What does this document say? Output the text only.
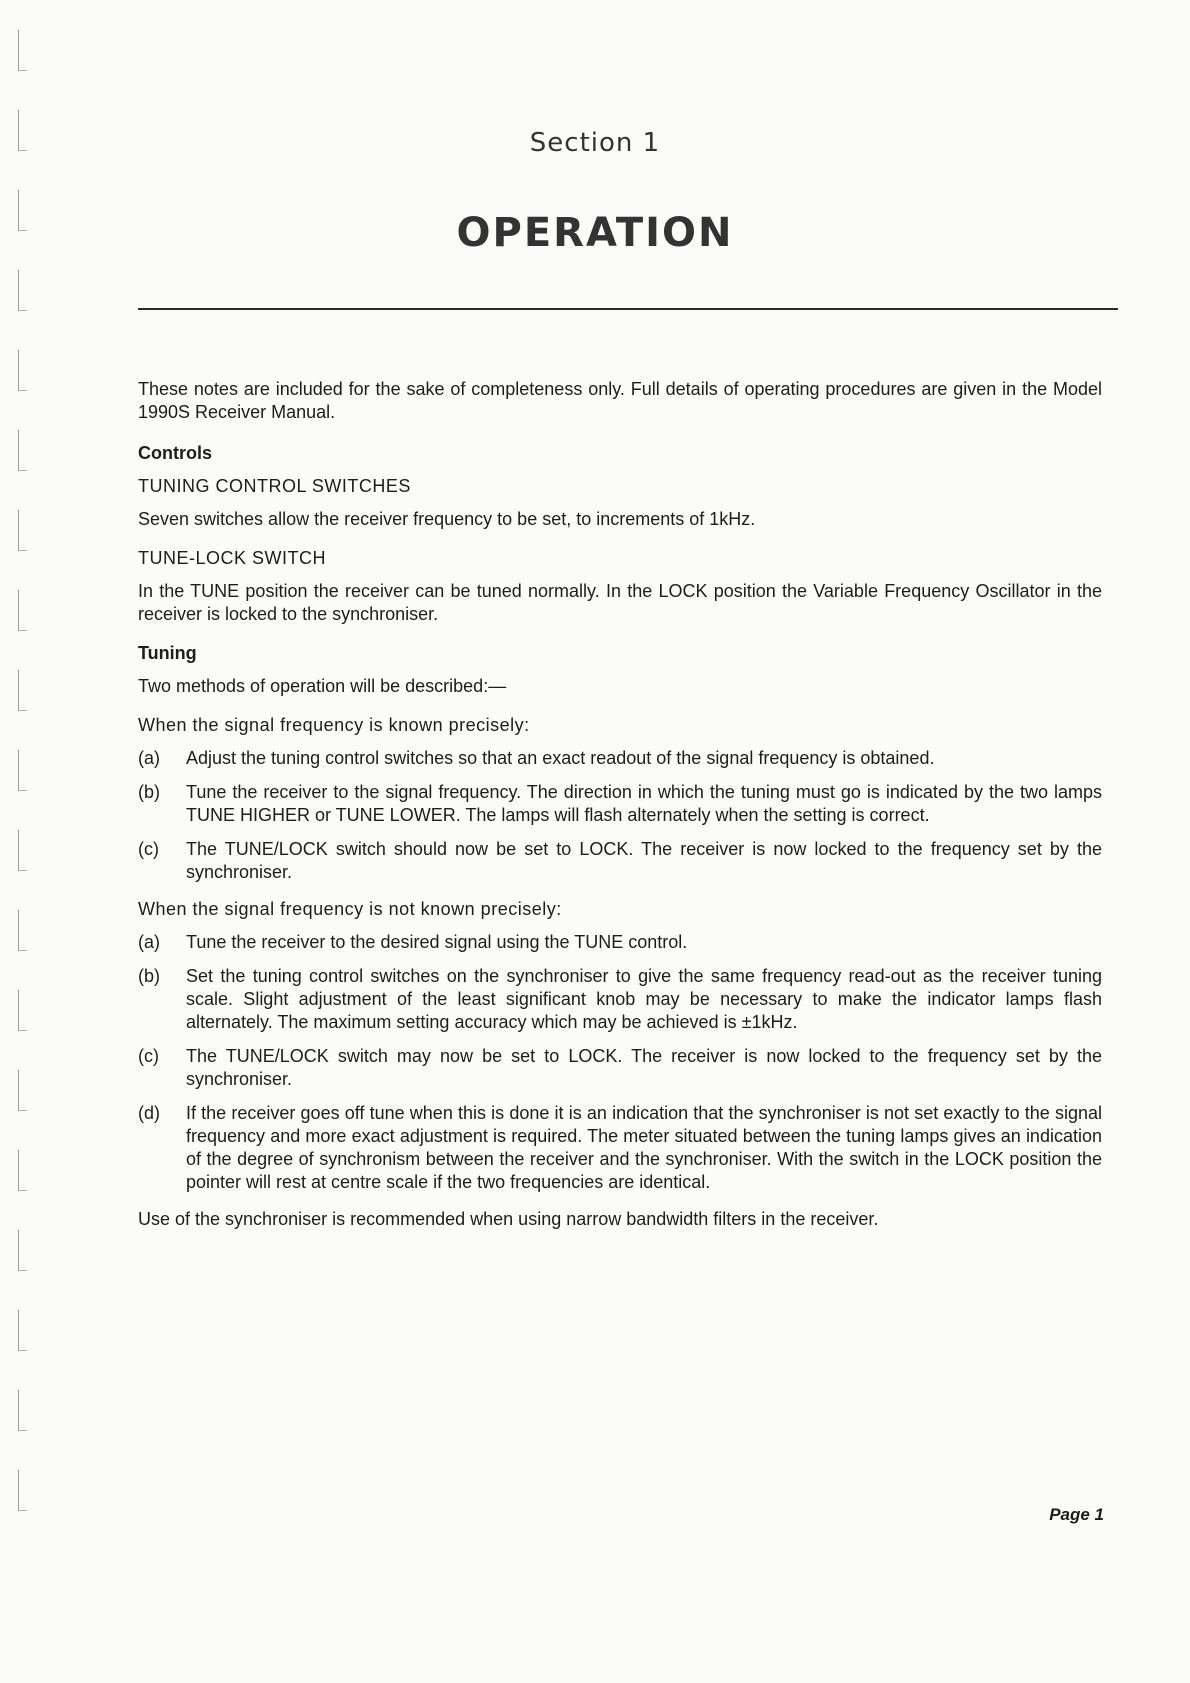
Section 1
OPERATION

These notes are included for the sake of completeness only. Full details of operating procedures are given in the Model 1990S Receiver Manual.

Controls

TUNING CONTROL SWITCHES

Seven switches allow the receiver frequency to be set, to increments of 1kHz.

TUNE-LOCK SWITCH

In the TUNE position the receiver can be tuned normally. In the LOCK position the Variable Frequency Oscillator in the receiver is locked to the synchroniser.

Tuning

Two methods of operation will be described:—

When the signal frequency is known precisely:

(a)	Adjust the tuning control switches so that an exact readout of the signal frequency is obtained.
(b)	Tune the receiver to the signal frequency. The direction in which the tuning must go is indicated by the two lamps TUNE HIGHER or TUNE LOWER. The lamps will flash alternately when the setting is correct.
(c)	The TUNE/LOCK switch should now be set to LOCK. The receiver is now locked to the frequency set by the synchroniser.

When the signal frequency is not known precisely:

(a)	Tune the receiver to the desired signal using the TUNE control.
(b)	Set the tuning control switches on the synchroniser to give the same frequency read-out as the receiver tuning scale. Slight adjustment of the least significant knob may be necessary to make the indicator lamps flash alternately. The maximum setting accuracy which may be achieved is ±1kHz.
(c)	The TUNE/LOCK switch may now be set to LOCK. The receiver is now locked to the frequency set by the synchroniser.
(d)	If the receiver goes off tune when this is done it is an indication that the synchroniser is not set exactly to the signal frequency and more exact adjustment is required. The meter situated between the tuning lamps gives an indication of the degree of synchronism between the receiver and the synchroniser. With the switch in the LOCK position the pointer will rest at centre scale if the two frequencies are identical.

Use of the synchroniser is recommended when using narrow bandwidth filters in the receiver.

Page 1
